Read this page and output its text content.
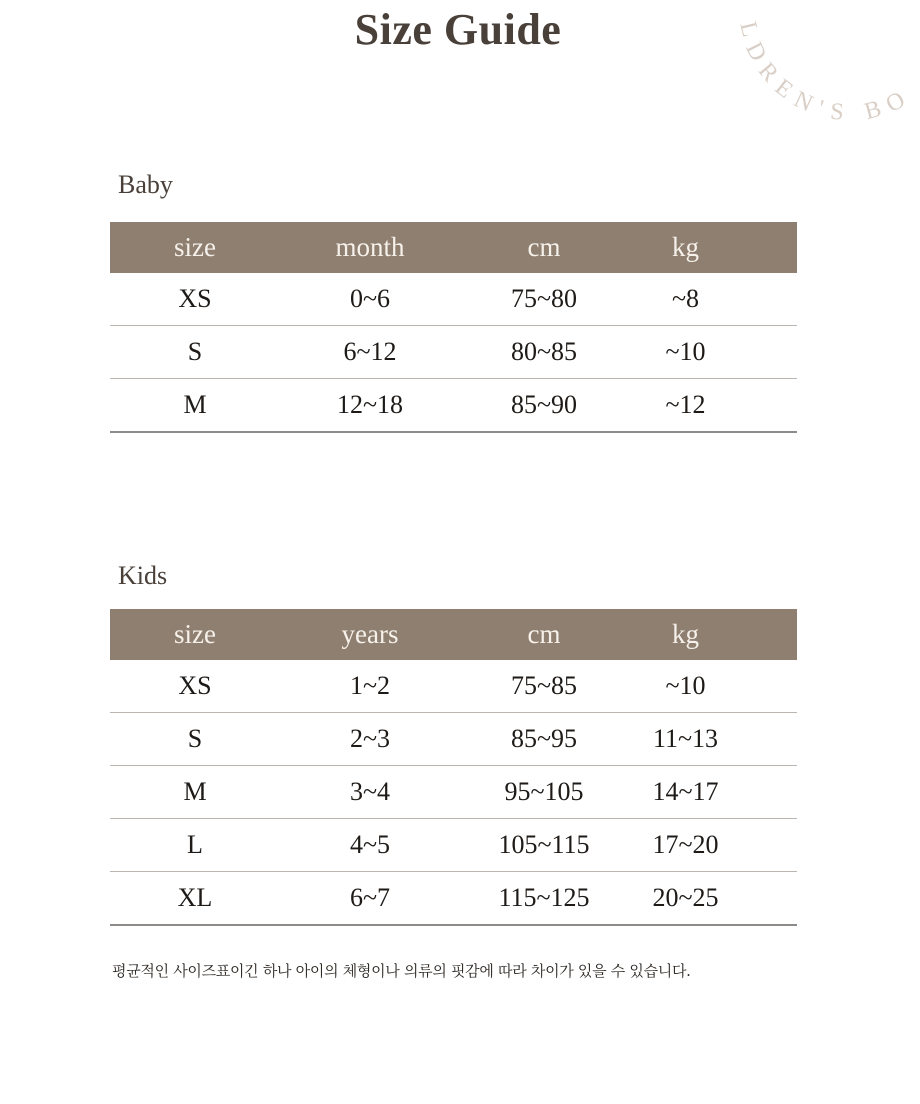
Size Guide	LDREN'S BO
Baby
size	month	cm	kg	
XS	0~6	75~80	~8	
S	6~12	80~85	~10	
M	12~18	85~90	~12	
Kids
size	years	cm	kg	
XS	1~2	75~85	~10	
S	2~3	85~95	11~13	
M	3~4	95~105	14~17	
L	4~5	105~115	17~20	
XL	6~7	115~125	20~25	
평균적인 사이즈표이긴 하나 아이의 체형이나 의류의 핏감에 따라 차이가 있을 수 있습니다.
